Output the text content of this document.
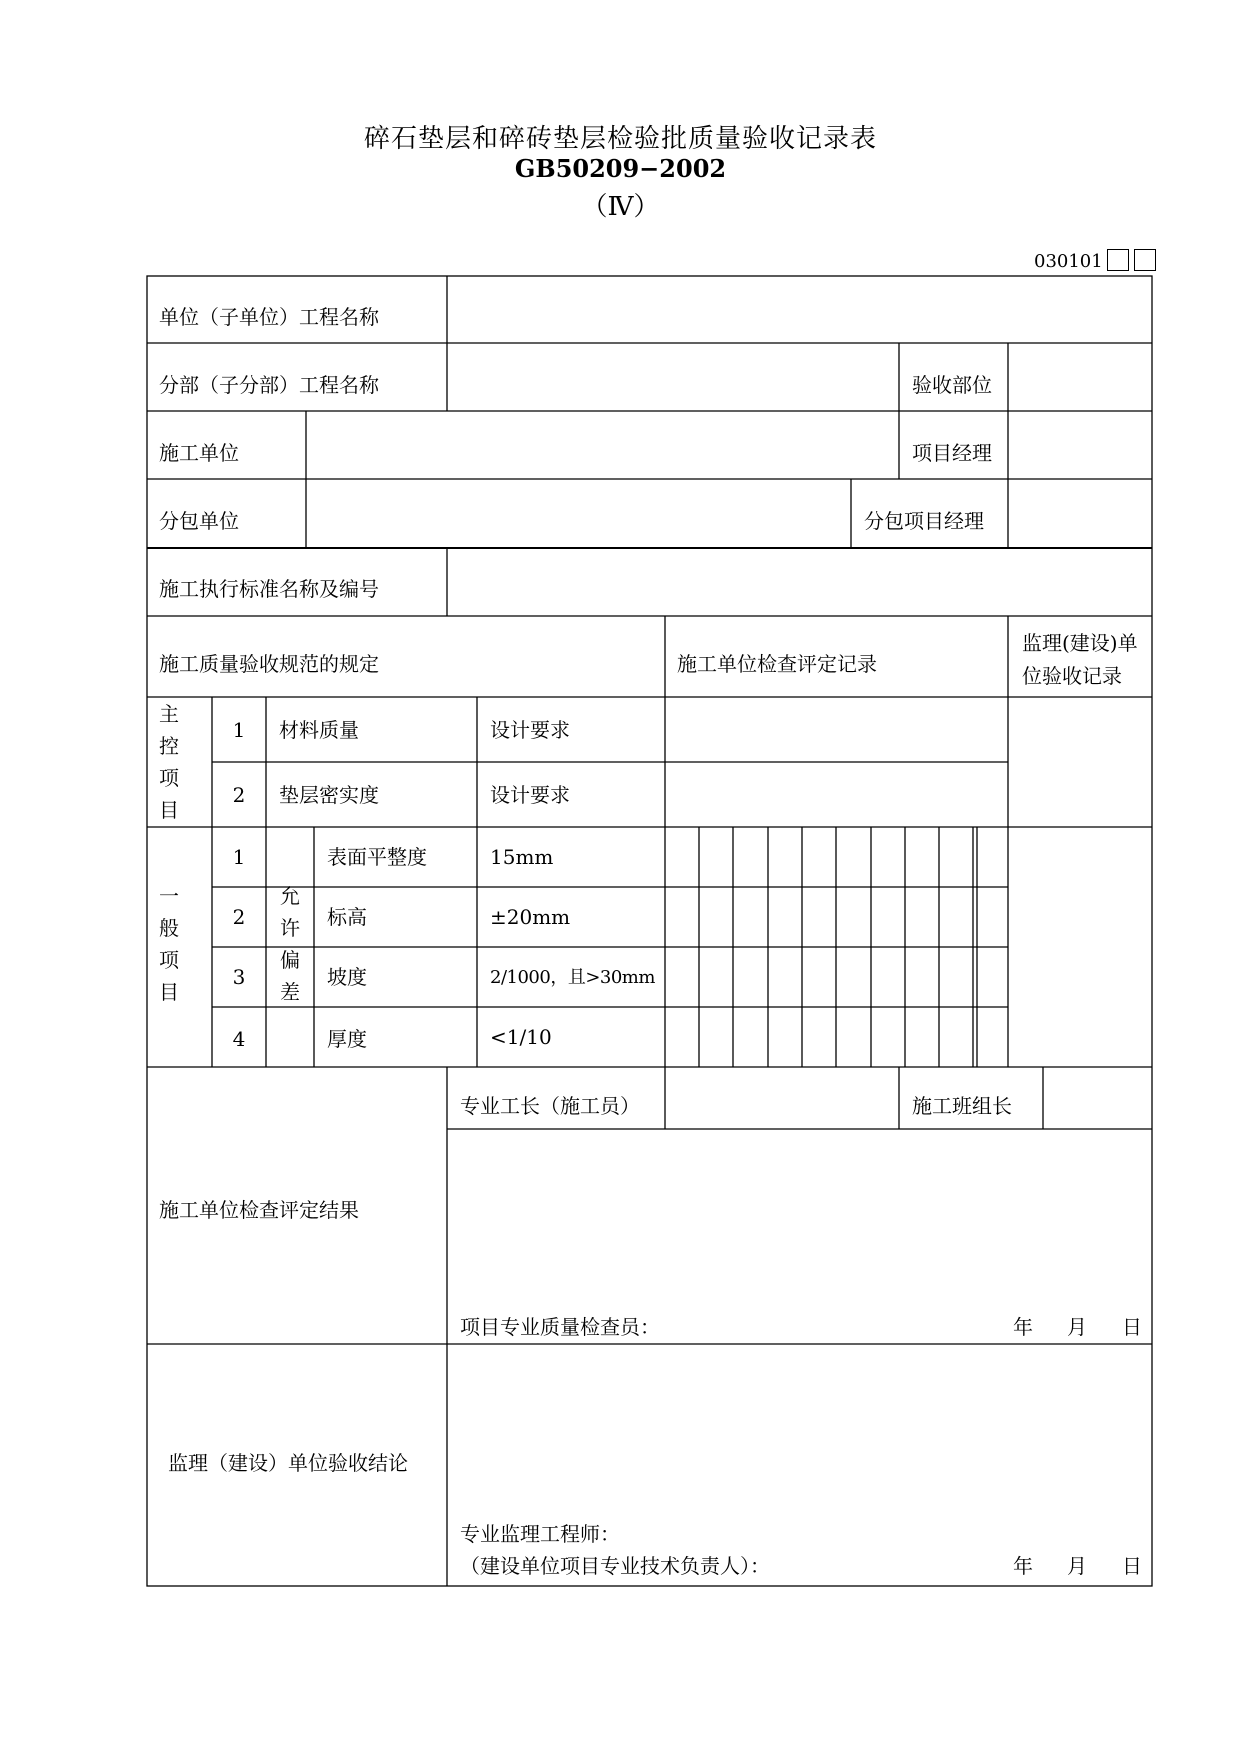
碎石垫层和碎砖垫层检验批质量验收记录表
GB50209−2002
（Ⅳ）
030101
单位（子单位）工程名称
分部（子分部）工程名称	验收部位
施工单位	项目经理
分包单位	分包项目经理
施工执行标准名称及编号
施工质量验收规范的规定	施工单位检查评定记录
监理(建设)单
位验收记录
主控项目
1	材料质量	设计要求
2	垫层密实度	设计要求
一般项目
允许偏差
1	表面平整度	15mm
2	标高	±20mm
3	坡度	2/1000，且>30mm
4	厚度	<1/10
施工单位检查评定结果
专业工长（施工员）	施工班组长
项目专业质量检查员：	年 月 日
监理（建设）单位验收结论
专业监理工程师：
（建设单位项目专业技术负责人）：	年 月 日
